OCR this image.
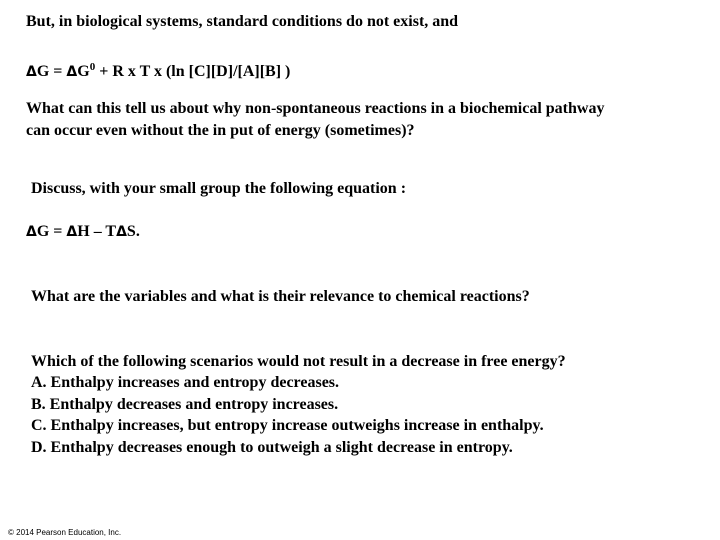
But, in biological systems, standard conditions do not exist, and
$\Delta G = \Delta G^0 + R$ x T x (ln [C][D]/[A][B] )
What can this tell us about why non-spontaneous reactions in a biochemical pathway
can occur even without the in put of energy (sometimes)?
Discuss, with your small group the following equation :
ΔG = ΔH – TΔS.
What are the variables and what is their relevance to chemical reactions?
Which of the following scenarios would not result in a decrease in free energy?
A. Enthalpy increases and entropy decreases.
B. Enthalpy decreases and entropy increases.
C. Enthalpy increases, but entropy increase outweighs increase in enthalpy.
D. Enthalpy decreases enough to outweigh a slight decrease in entropy.
© 2014 Pearson Education, Inc.
